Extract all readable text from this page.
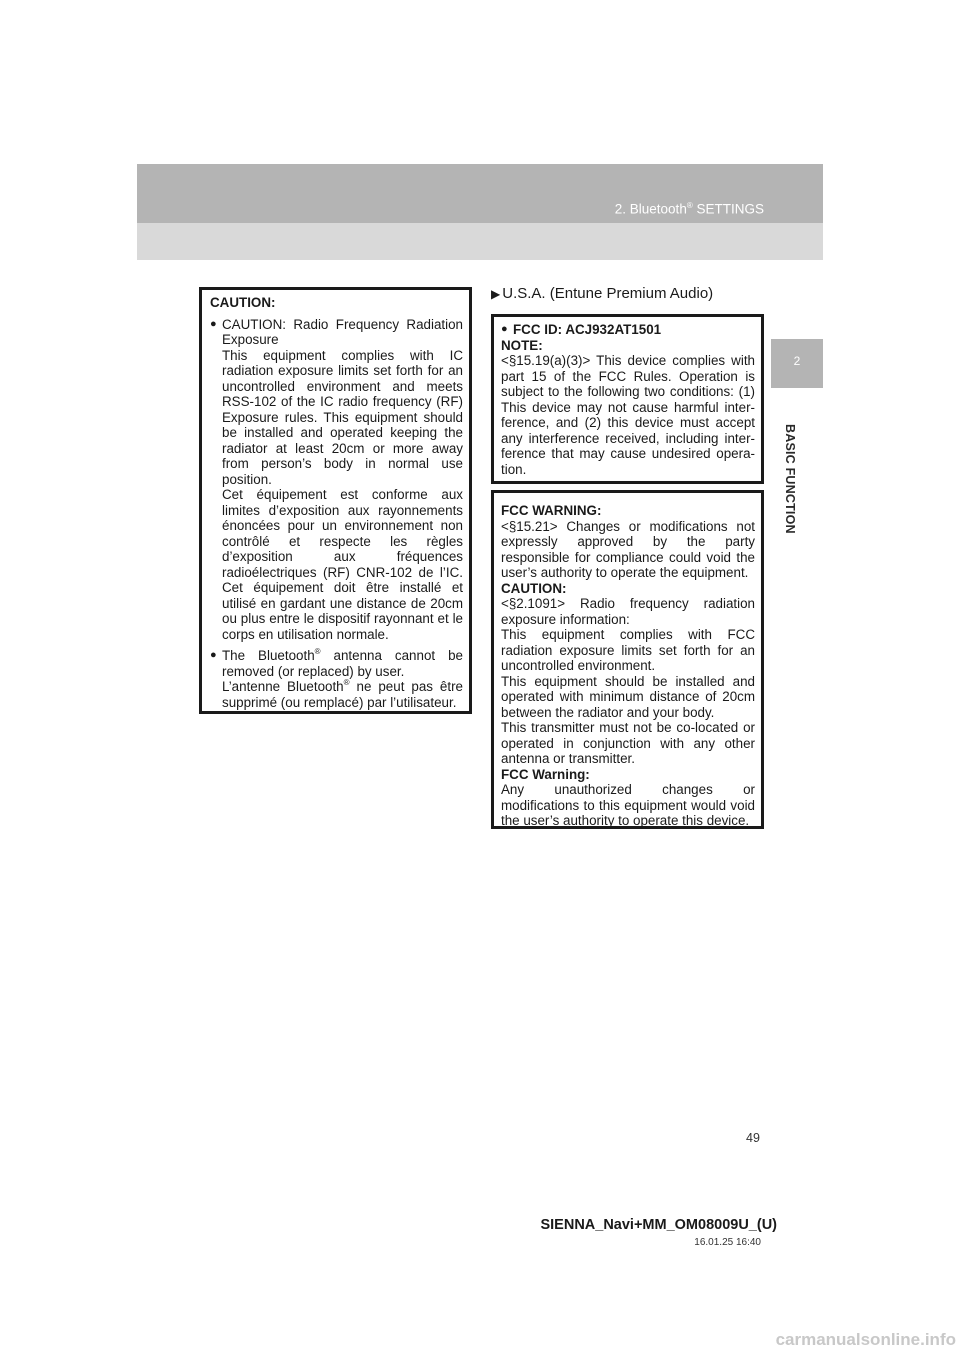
2. Bluetooth® SETTINGS
2
BASIC FUNCTION

CAUTION:

● CAUTION: Radio Frequency Radiation Exposure

This equipment complies with IC radiation exposure limits set forth for an uncontrolled environment and meets RSS-102 of the IC radio frequency (RF) Exposure rules. This equipment should be installed and operated keeping the radiator at least 20cm or more away from person’s body in normal use position.

Cet équipement est conforme aux limites d’exposition aux rayonnements énoncées pour un environnement non contrôlé et respecte les règles d’exposition aux fréquences radioélectriques (RF) CNR-102 de l’IC. Cet équipement doit être installé et utilisé en gardant une distance de 20cm ou plus entre le dispositif rayonnant et le corps en utilisation normale.

● The Bluetooth® antenna cannot be removed (or replaced) by user.

L’antenne Bluetooth® ne peut pas être supprimé (ou remplacé) par l’utilisateur.

▶ U.S.A. (Entune Premium Audio)
● FCC ID: ACJ932AT1501

NOTE:

<§15.19(a)(3)> This device complies with part 15 of the FCC Rules. Operation is subject to the following two conditions: (1) This device may not cause harmful inter-ference, and (2) this device must accept any interference received, including inter-ference that may cause undesired opera-tion.

FCC WARNING:

<§15.21> Changes or modifications not expressly approved by the party responsible for compliance could void the user’s authority to operate the equipment.

CAUTION:

<§2.1091> Radio frequency radiation exposure information:

This equipment complies with FCC radiation exposure limits set forth for an uncontrolled environment.

This equipment should be installed and operated with minimum distance of 20cm between the radiator and your body.

This transmitter must not be co-located or operated in conjunction with any other antenna or transmitter.

FCC Warning:

Any unauthorized changes or modifications to this equipment would void the user’s authority to operate this device.

49
SIENNA_Navi+MM_OM08009U_(U)
16.01.25 16:40
carmanualsonline.info
